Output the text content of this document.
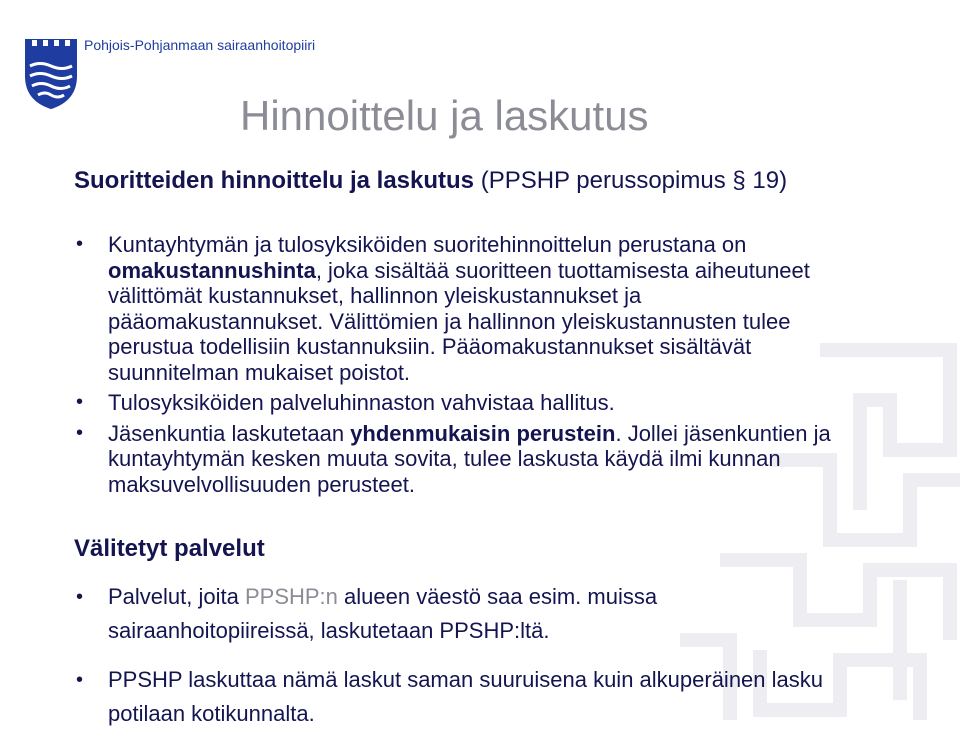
Pohjois-Pohjanmaan sairaanhoitopiiri
Hinnoittelu ja laskutus

Suoritteiden hinnoittelu ja laskutus (PPSHP perussopimus § 19)

• Kuntayhtymän ja tulosyksiköiden suoritehinnoittelun perustana on omakustannushinta, joka sisältää suoritteen tuottamisesta aiheutuneet välittömät kustannukset, hallinnon yleiskustannukset ja pääomakustannukset. Välittömien ja hallinnon yleiskustannusten tulee perustua todellisiin kustannuksiin. Pääomakustannukset sisältävät suunnitelman mukaiset poistot.
• Tulosyksiköiden palveluhinnaston vahvistaa hallitus.
• Jäsenkuntia laskutetaan yhdenmukaisin perustein. Jollei jäsenkuntien ja kuntayhtymän kesken muuta sovita, tulee laskusta käydä ilmi kunnan maksuvelvollisuuden perusteet.

Välitetyt palvelut

• Palvelut, joita PPSHP:n alueen väestö saa esim. muissa sairaanhoitopiireissä, laskutetaan PPSHP:ltä.
• PPSHP laskuttaa nämä laskut saman suuruisena kuin alkuperäinen lasku potilaan kotikunnalta.
